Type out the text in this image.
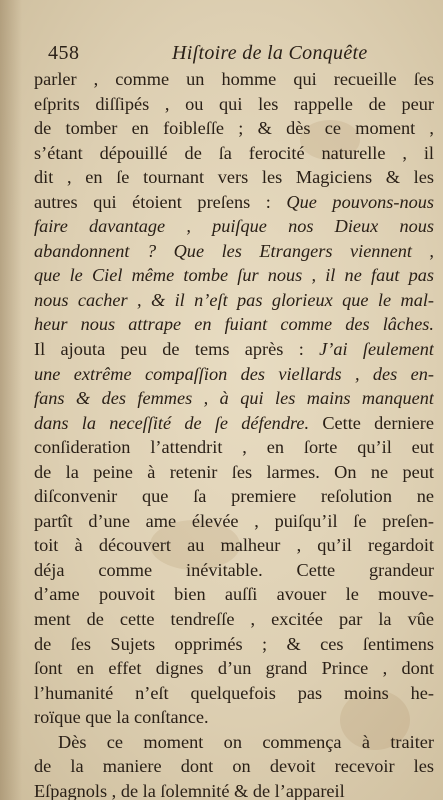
458	Hiſtoire de la Conquête
parler , comme un homme qui recueille ſes
eſprits diſſipés , ou qui les rappelle de peur
de tomber en foibleſſe ; & dès ce moment ,
s’étant dépouillé de ſa ferocité naturelle , il
dit , en ſe tournant vers les Magiciens & les
autres qui étoient preſens : Que pouvons-nous
faire davantage , puiſque nos Dieux nous
abandonnent ? Que les Etrangers viennent ,
que le Ciel même tombe ſur nous , il ne faut pas
nous cacher , & il n’eſt pas glorieux que le mal-
heur nous attrape en fuiant comme des lâches.
Il ajouta peu de tems après : J’ai ſeulement
une extrême compaſſion des viellards , des en-
fans & des femmes , à qui les mains manquent
dans la neceſſité de ſe défendre. Cette derniere
conſideration l’attendrit , en ſorte qu’il eut
de la peine à retenir ſes larmes. On ne peut
diſconvenir que ſa premiere reſolution ne
partît d’une ame élevée , puiſqu’il ſe preſen-
toit à découvert au malheur , qu’il regardoit
déja comme inévitable. Cette grandeur
d’ame pouvoit bien auſſi avouer le mouve-
ment de cette tendreſſe , excitée par la vûe
de ſes Sujets opprimés ; & ces ſentimens
ſont en effet dignes d’un grand Prince , dont
l’humanité n’eſt quelquefois pas moins he-
roïque que la conſtance.
Dès ce moment on commença à traiter
de la maniere dont on devoit recevoir les
Eſpagnols , de la ſolemnité & de l’appareil
